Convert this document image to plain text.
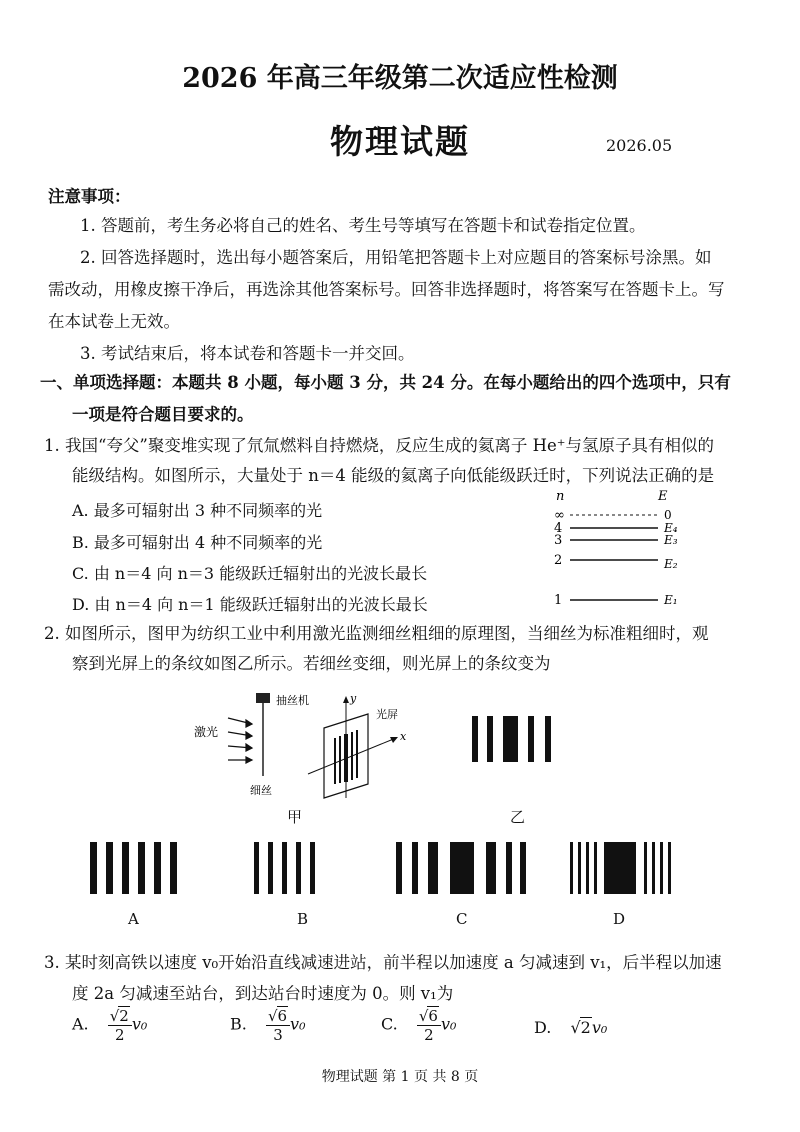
2026 年高三年级第二次适应性检测
物理试题	2026.05
注意事项：
1. 答题前，考生务必将自己的姓名、考生号等填写在答题卡和试卷指定位置。
2. 回答选择题时，选出每小题答案后，用铅笔把答题卡上对应题目的答案标号涂黑。如
需改动，用橡皮擦干净后，再选涂其他答案标号。回答非选择题时，将答案写在答题卡上。写
在本试卷上无效。
3. 考试结束后，将本试卷和答题卡一并交回。
一、单项选择题：本题共 8 小题，每小题 3 分，共 24 分。在每小题给出的四个选项中，只有
一项是符合题目要求的。
1. 我国“夸父”聚变堆实现了氘氚燃料自持燃烧，反应生成的氦离子 He⁺与氢原子具有相似的
能级结构。如图所示，大量处于 n＝4 能级的氦离子向低能级跃迁时，下列说法正确的是
A. 最多可辐射出 3 种不同频率的光
B. 最多可辐射出 4 种不同频率的光
C. 由 n＝4 向 n＝3 能级跃迁辐射出的光波长最长
D. 由 n＝4 向 n＝1 能级跃迁辐射出的光波长最长
n	E
∞	0
4	E₄
3	E₃
2	E₂
1	E₁
2. 如图所示，图甲为纺织工业中利用激光监测细丝粗细的原理图，当细丝为标准粗细时，观
察到光屏上的条纹如图乙所示。若细丝变细，则光屏上的条纹变为
激光
抽丝机
细丝
y
x
光屏
甲	乙
A	B	C	D
3. 某时刻高铁以速度 v₀开始沿直线减速进站，前半程以加速度 a 匀减速到 v₁，后半程以加速
度 2a 匀减速至站台，到达站台时速度为 0。则 v₁为
A. $\frac{√2}{2} v_0$	B. $\frac{√6}{3} v_0$	C. $\frac{√6}{2} v_0$	D. √2v₀
物理试题 第 1 页 共 8 页
